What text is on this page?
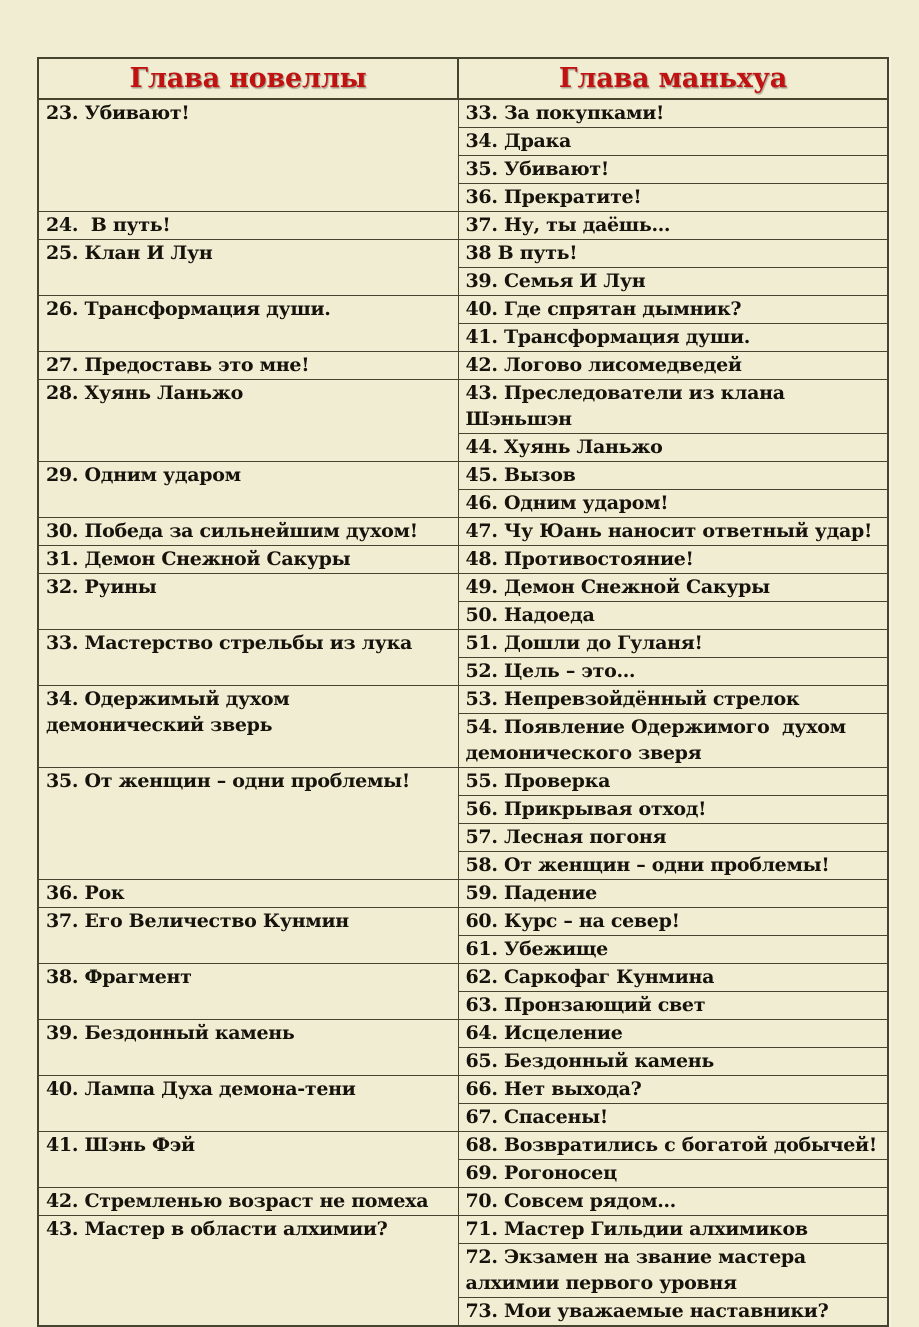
Глава новеллы	Глава маньхуа
23. Убивают!	33. За покупками!
	34. Драка
	35. Убивают!
	36. Прекратите!
24.  В путь!	37. Ну, ты даёшь…
25. Клан И Лун	38 В путь!
	39. Семья И Лун
26. Трансформация души.	40. Где спрятан дымник?
	41. Трансформация души.
27. Предоставь это мне!	42. Логово лисомедведей
28. Хуянь Ланьжо	43. Преследователи из клана Шэньшэн
	44. Хуянь Ланьжо
29. Одним ударом	45. Вызов
	46. Одним ударом!
30. Победа за сильнейшим духом!	47. Чу Юань наносит ответный удар!
31. Демон Снежной Сакуры	48. Противостояние!
32. Руины	49. Демон Снежной Сакуры
	50. Надоеда
33. Мастерство стрельбы из лука	51. Дошли до Гуланя!
	52. Цель – это…
34. Одержимый духом демонический зверь	53. Непревзойдённый стрелок
	54. Появление Одержимого  духом демонического зверя
35. От женщин – одни проблемы!	55. Проверка
	56. Прикрывая отход!
	57. Лесная погоня
	58. От женщин – одни проблемы!
36. Рок	59. Падение
37. Его Величество Кунмин	60. Курс – на север!
	61. Убежище
38. Фрагмент	62. Саркофаг Кунмина
	63. Пронзающий свет
39. Бездонный камень	64. Исцеление
	65. Бездонный камень
40. Лампа Духа демона-тени	66. Нет выхода?
	67. Спасены!
41. Шэнь Фэй	68. Возвратились с богатой добычей!
	69. Рогоносец
42. Стремленью возраст не помеха	70. Совсем рядом…
43. Мастер в области алхимии?	71. Мастер Гильдии алхимиков
	72. Экзамен на звание мастера алхимии первого уровня
	73. Мои уважаемые наставники?
